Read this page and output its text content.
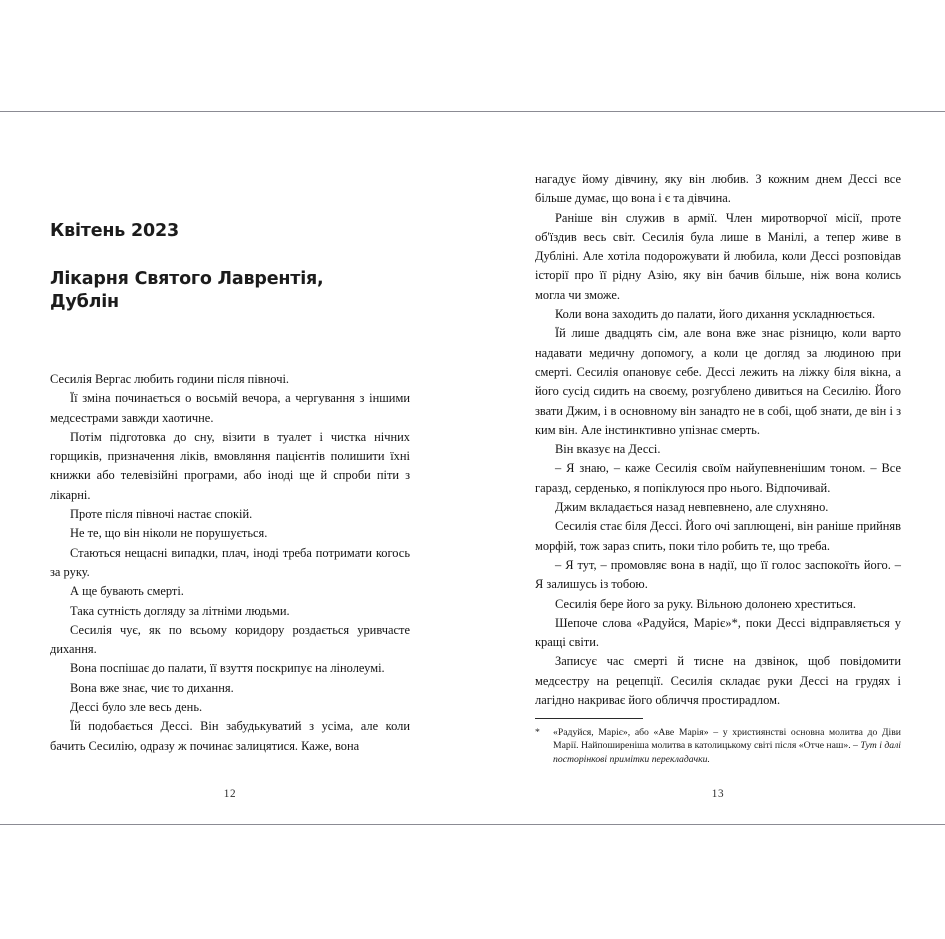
Квітень 2023
Лікарня Святого Лаврентія, Дублін

Сесилія Вергас любить години після півночі.

Її зміна починається о восьмій вечора, а чергування з іншими медсестрами завжди хаотичне.

Потім підготовка до сну, візити в туалет і чистка нічних горщиків, призначення ліків, вмовляння пацієнтів полишити їхні книжки або телевізійні програми, або іноді ще й спроби піти з лікарні.

Проте після півночі настає спокій.

Не те, що він ніколи не порушується.

Стаються нещасні випадки, плач, іноді треба потримати когось за руку.

А ще бувають смерті.

Така сутність догляду за літніми людьми.

Сесилія чує, як по всьому коридору роздається уривчасте дихання.

Вона поспішає до палати, її взуття поскрипує на лінолеумі.

Вона вже знає, чиє то дихання.

Дессі було зле весь день.

Їй подобається Дессі. Він забудькуватий з усіма, але коли бачить Сесилію, одразу ж починає залицятися. Каже, вона

12

нагадує йому дівчину, яку він любив. З кожним днем Дессі все більше думає, що вона і є та дівчина.

Раніше він служив в армії. Член миротворчої місії, проте об'їздив весь світ. Сесилія була лише в Манілі, а тепер живе в Дубліні. Але хотіла подорожувати й любила, коли Дессі розповідав історії про її рідну Азію, яку він бачив більше, ніж вона колись могла чи зможе.

Коли вона заходить до палати, його дихання ускладнюється.

Їй лише двадцять сім, але вона вже знає різницю, коли варто надавати медичну допомогу, а коли це догляд за людиною при смерті. Сесилія опановує себе. Дессі лежить на ліжку біля вікна, а його сусід сидить на своєму, розгублено дивиться на Сесилію. Його звати Джим, і в основному він занадто не в собі, щоб знати, де він і з ким він. Але інстинктивно упізнає смерть.

Він вказує на Дессі.

– Я знаю, – каже Сесилія своїм найупевненішим тоном. – Все гаразд, серденько, я попіклуюся про нього. Відпочивай.

Джим вкладається назад невпевнено, але слухняно.

Сесилія стає біля Дессі. Його очі заплющені, він раніше прийняв морфій, тож зараз спить, поки тіло робить те, що треба.

– Я тут, – промовляє вона в надії, що її голос заспокоїть його. – Я залишусь із тобою.

Сесилія бере його за руку. Вільною долонею хреститься.

Шепоче слова «Радуйся, Маріє»*, поки Дессі відправляється у кращі світи.

Записує час смерті й тисне на дзвінок, щоб повідомити медсестру на рецепції. Сесилія складає руки Дессі на грудях і лагідно накриває його обличчя простирадлом.

*	«Радуйся, Маріє», або «Аве Марія» – у християнстві основна молитва до Діви Марії. Найпоширеніша молитва в католицькому світі після «Отче наш». – Тут і далі посторінкові примітки перекладачки.
13
